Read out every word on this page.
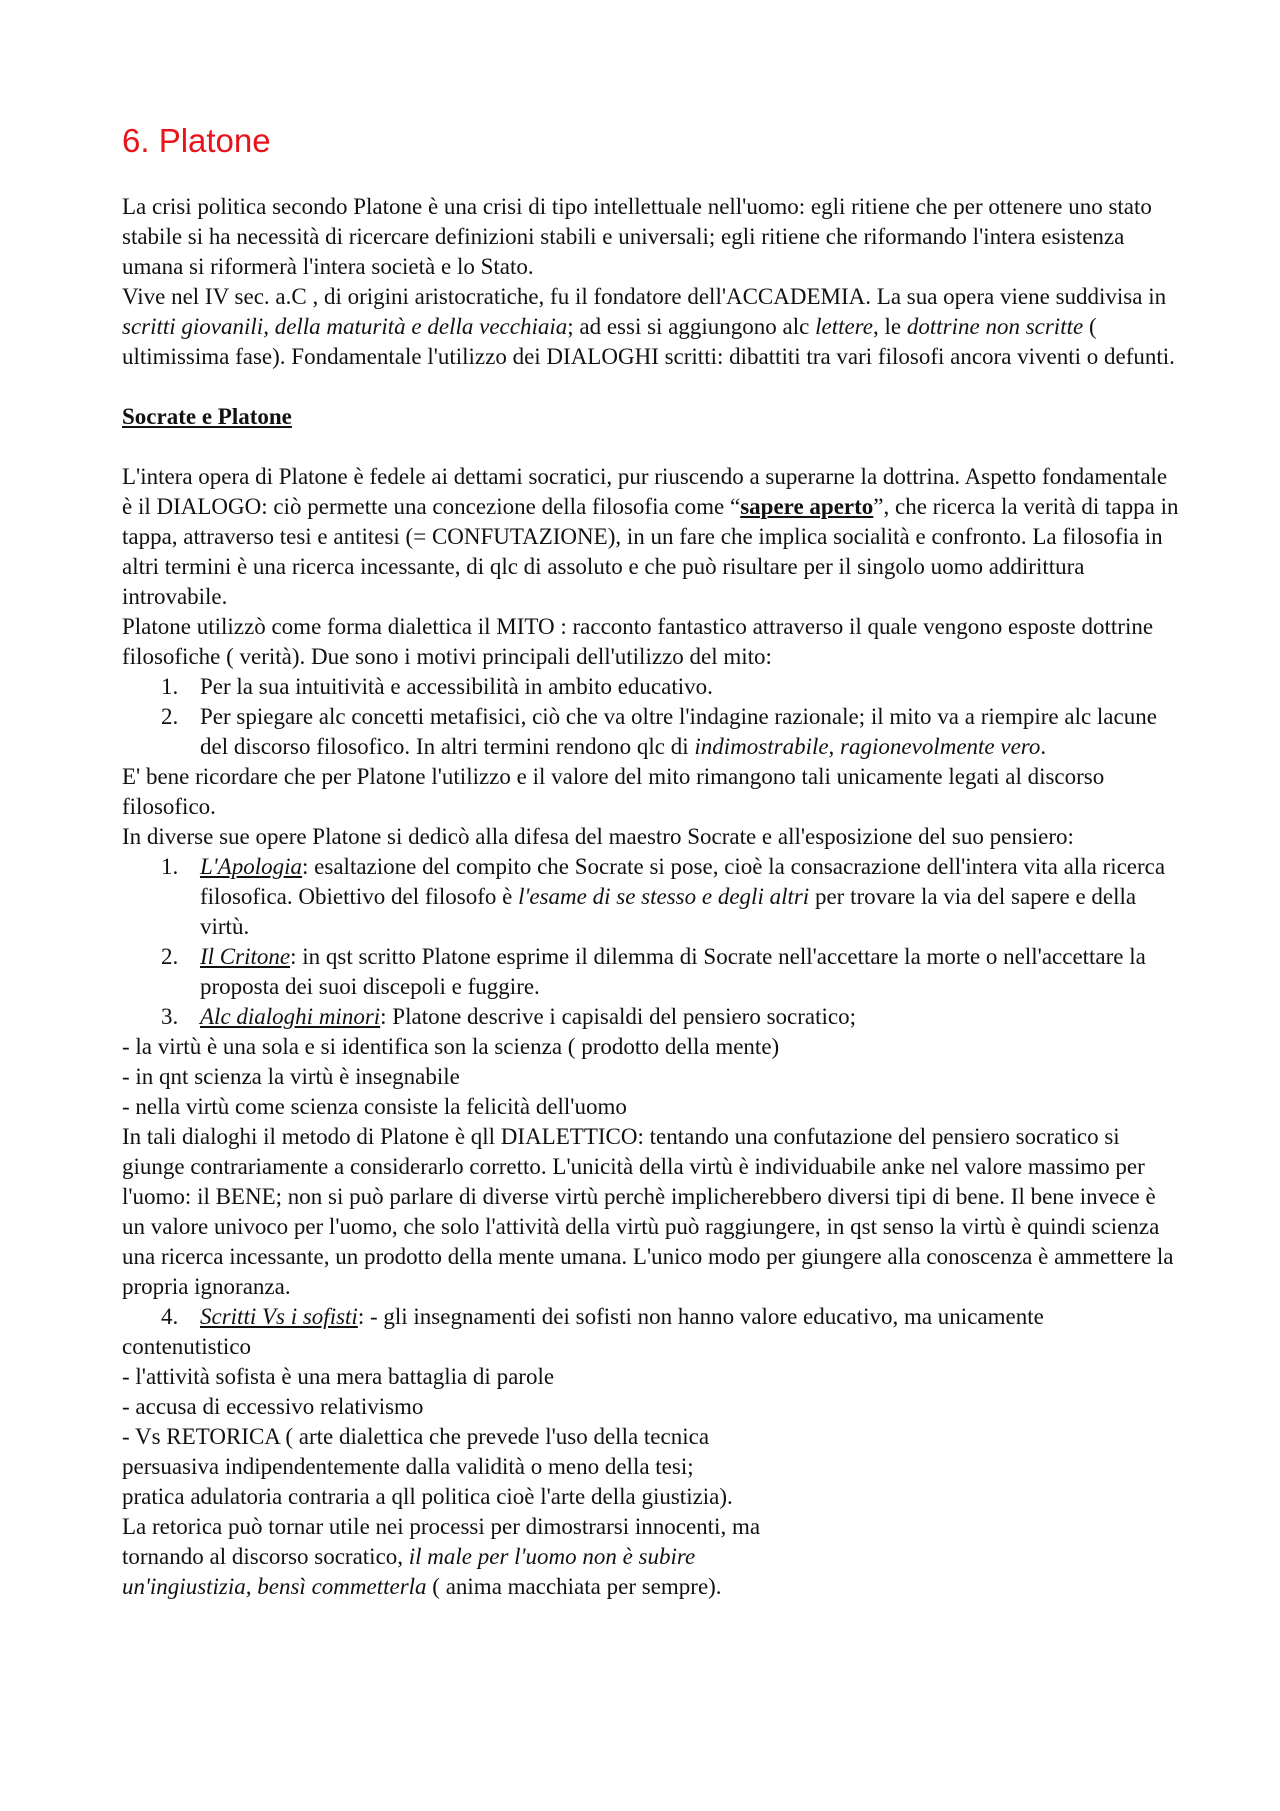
6. Platone

La crisi politica secondo Platone è una crisi di tipo intellettuale nell'uomo: egli ritiene che per ottenere uno stato stabile si ha necessità di ricercare definizioni stabili e universali; egli ritiene che riformando l'intera esistenza umana si riformerà l'intera società e lo Stato.

Vive nel IV sec. a.C , di origini aristocratiche, fu il fondatore dell'ACCADEMIA. La sua opera viene suddivisa in scritti giovanili, della maturità e della vecchiaia; ad essi si aggiungono alc lettere, le dottrine non scritte ( ultimissima fase). Fondamentale l'utilizzo dei DIALOGHI scritti: dibattiti tra vari filosofi ancora viventi o defunti.

Socrate e Platone

L'intera opera di Platone è fedele ai dettami socratici, pur riuscendo a superarne la dottrina. Aspetto fondamentale è il DIALOGO: ciò permette una concezione della filosofia come “sapere aperto”, che ricerca la verità di tappa in tappa, attraverso tesi e antitesi (= CONFUTAZIONE), in un fare che implica socialità e confronto. La filosofia in altri termini è una ricerca incessante, di qlc di assoluto e che può risultare per il singolo uomo addirittura introvabile.

Platone utilizzò come forma dialettica il MITO : racconto fantastico attraverso il quale vengono esposte dottrine filosofiche ( verità). Due sono i motivi principali dell'utilizzo del mito:

1. Per la sua intuitività e accessibilità in ambito educativo.
2. Per spiegare alc concetti metafisici, ciò che va oltre l'indagine razionale; il mito va a riempire alc lacune del discorso filosofico. In altri termini rendono qlc di indimostrabile, ragionevolmente vero.

E' bene ricordare che per Platone l'utilizzo e il valore del mito rimangono tali unicamente legati al discorso filosofico.

In diverse sue opere Platone si dedicò alla difesa del maestro Socrate e all'esposizione del suo pensiero:

1. L'Apologia: esaltazione del compito che Socrate si pose, cioè la consacrazione dell'intera vita alla ricerca filosofica. Obiettivo del filosofo è l'esame di se stesso e degli altri per trovare la via del sapere e della virtù.
2. Il Critone: in qst scritto Platone esprime il dilemma di Socrate nell'accettare la morte o nell'accettare la proposta dei suoi discepoli e fuggire.
3. Alc dialoghi minori: Platone descrive i capisaldi del pensiero socratico;

- la virtù è una sola e si identifica son la scienza ( prodotto della mente)

- in qnt scienza la virtù è insegnabile

- nella virtù come scienza consiste la felicità dell'uomo

In tali dialoghi il metodo di Platone è qll DIALETTICO: tentando una confutazione del pensiero socratico si giunge contrariamente a considerarlo corretto. L'unicità della virtù è individuabile anke nel valore massimo per l'uomo: il BENE; non si può parlare di diverse virtù perchè implicherebbero diversi tipi di bene. Il bene invece è un valore univoco per l'uomo, che solo l'attività della virtù può raggiungere, in qst senso la virtù è quindi scienza una ricerca incessante, un prodotto della mente umana. L'unico modo per giungere alla conoscenza è ammettere la propria ignoranza.

4. Scritti Vs i sofisti: - gli insegnamenti dei sofisti non hanno valore educativo, ma unicamente

contenutistico

- l'attività sofista è una mera battaglia di parole

- accusa di eccessivo relativismo

- Vs RETORICA ( arte dialettica che prevede l'uso della tecnica

persuasiva indipendentemente dalla validità o meno della tesi;

pratica adulatoria contraria a qll politica cioè l'arte della giustizia).

La retorica può tornar utile nei processi per dimostrarsi innocenti, ma

tornando al discorso socratico, il male per l'uomo non è subire

un'ingiustizia, bensì commetterla ( anima macchiata per sempre).
